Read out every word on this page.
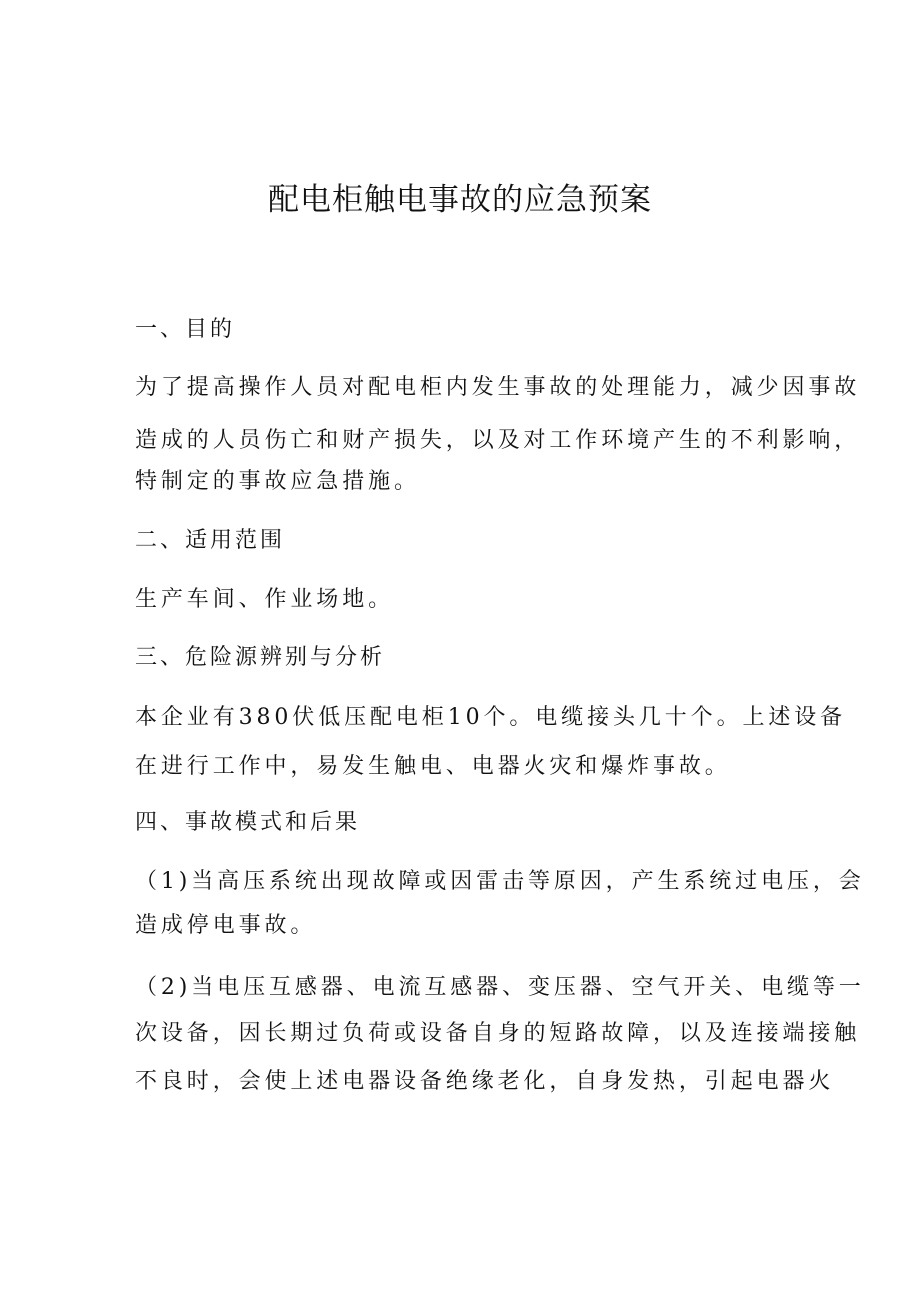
配电柜触电事故的应急预案
一、目的
为了提高操作人员对配电柜内发生事故的处理能力，减少因事故
造成的人员伤亡和财产损失，以及对工作环境产生的不利影响，
特制定的事故应急措施。
二、适用范围
生产车间、作业场地。
三、危险源辨别与分析
本企业有380伏低压配电柜10个。电缆接头几十个。上述设备
在进行工作中，易发生触电、电器火灾和爆炸事故。
四、事故模式和后果
（1)当高压系统出现故障或因雷击等原因，产生系统过电压，会
造成停电事故。
（2)当电压互感器、电流互感器、变压器、空气开关、电缆等一
次设备，因长期过负荷或设备自身的短路故障，以及连接端接触
不良时，会使上述电器设备绝缘老化，自身发热，引起电器火
